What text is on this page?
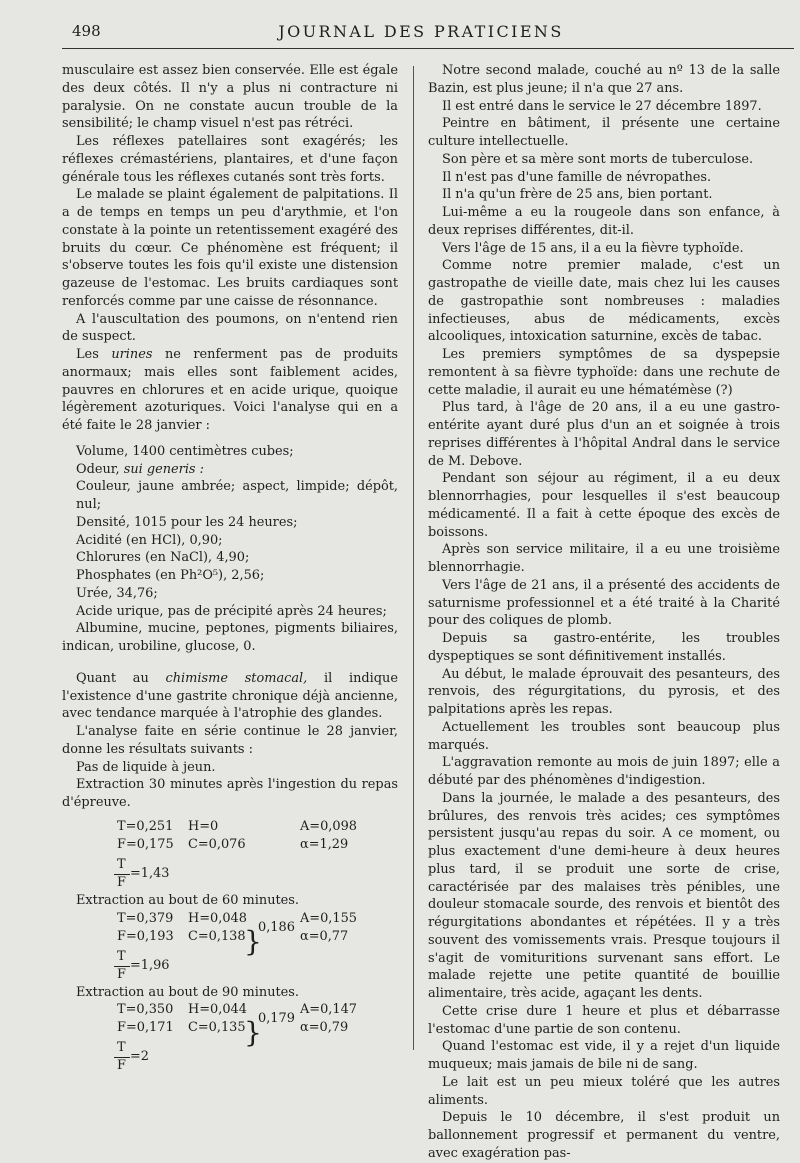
498	JOURNAL DES PRATICIENS

musculaire est assez bien conservée. Elle est égale des deux côtés. Il n'y a plus ni contracture ni paralysie. On ne constate aucun trouble de la sensibilité; le champ visuel n'est pas rétréci.

Les réflexes patellaires sont exagérés; les réflexes crémastériens, plantaires, et d'une façon générale tous les réflexes cutanés sont très forts.

Le malade se plaint également de palpitations. Il a de temps en temps un peu d'arythmie, et l'on constate à la pointe un retentissement exagéré des bruits du cœur. Ce phénomène est fréquent; il s'observe toutes les fois qu'il existe une distension gazeuse de l'estomac. Les bruits cardiaques sont renforcés comme par une caisse de résonnance.

A l'auscultation des poumons, on n'entend rien de suspect.

Les urines ne renferment pas de produits anormaux; mais elles sont faiblement acides, pauvres en chlorures et en acide urique, quoique légèrement azoturiques. Voici l'analyse qui en a été faite le 28 janvier :

Volume, 1400 centimètres cubes;

Odeur, sui generis :

Couleur, jaune ambrée; aspect, limpide; dépôt, nul;

Densité, 1015 pour les 24 heures;

Acidité (en HCl), 0,90;

Chlorures (en NaCl), 4,90;

Phosphates (en Ph²O⁵), 2,56;

Urée, 34,76;

Acide urique, pas de précipité après 24 heures;

Albumine, mucine, peptones, pigments biliaires, indican, urobiline, glucose, 0.

Quant au chimisme stomacal, il indique l'existence d'une gastrite chronique déjà ancienne, avec tendance marquée à l'atrophie des glandes.

L'analyse faite en série continue le 28 janvier, donne les résultats suivants :

Pas de liquide à jeun.

Extraction 30 minutes après l'ingestion du repas d'épreuve.

T=0,251 H=0	A=0,098
F=0,175 C=0,076	α=1,29
T
F
=1,43

Extraction au bout de 60 minutes.

T=0,379 H=0,048	A=0,155
F=0,193 C=0,138	α=0,77
}
0,186
T
F
=1,96

Extraction au bout de 90 minutes.

T=0,350 H=0,044	A=0,147
F=0,171 C=0,135	α=0,79
}
0,179
T
F
=2

Notre second malade, couché au nº 13 de la salle Bazin, est plus jeune; il n'a que 27 ans.

Il est entré dans le service le 27 décembre 1897.

Peintre en bâtiment, il présente une certaine culture intellectuelle.

Son père et sa mère sont morts de tuberculose.

Il n'est pas d'une famille de névropathes.

Il n'a qu'un frère de 25 ans, bien portant.

Lui-même a eu la rougeole dans son enfance, à deux reprises différentes, dit-il.

Vers l'âge de 15 ans, il a eu la fièvre typhoïde.

Comme notre premier malade, c'est un gastropathe de vieille date, mais chez lui les causes de gastropathie sont nombreuses : maladies infectieuses, abus de médicaments, excès alcooliques, intoxication saturnine, excès de tabac.

Les premiers symptômes de sa dyspepsie remontent à sa fièvre typhoïde: dans une rechute de cette maladie, il aurait eu une hématémèse (?)

Plus tard, à l'âge de 20 ans, il a eu une gastro-entérite ayant duré plus d'un an et soignée à trois reprises différentes à l'hôpital Andral dans le service de M. Debove.

Pendant son séjour au régiment, il a eu deux blennorrhagies, pour lesquelles il s'est beaucoup médicamenté. Il a fait à cette époque des excès de boissons.

Après son service militaire, il a eu une troisième blennorrhagie.

Vers l'âge de 21 ans, il a présenté des accidents de saturnisme professionnel et a été traité à la Charité pour des coliques de plomb.

Depuis sa gastro-entérite, les troubles dyspeptiques se sont définitivement installés.

Au début, le malade éprouvait des pesanteurs, des renvois, des régurgitations, du pyrosis, et des palpitations après les repas.

Actuellement les troubles sont beaucoup plus marqués.

L'aggravation remonte au mois de juin 1897; elle a débuté par des phénomènes d'indigestion.

Dans la journée, le malade a des pesanteurs, des brûlures, des renvois très acides; ces symptômes persistent jusqu'au repas du soir. A ce moment, ou plus exactement d'une demi-heure à deux heures plus tard, il se produit une sorte de crise, caractérisée par des malaises très pénibles, une douleur stomacale sourde, des renvois et bientôt des régurgitations abondantes et répétées. Il y a très souvent des vomissements vrais. Presque toujours il s'agit de vomituritions survenant sans effort. Le malade rejette une petite quantité de bouillie alimentaire, très acide, agaçant les dents.

Cette crise dure 1 heure et plus et débarrasse l'estomac d'une partie de son contenu.

Quand l'estomac est vide, il y a rejet d'un liquide muqueux; mais jamais de bile ni de sang.

Le lait est un peu mieux toléré que les autres aliments.

Depuis le 10 décembre, il s'est produit un ballonnement progressif et permanent du ventre, avec exagération pas-
